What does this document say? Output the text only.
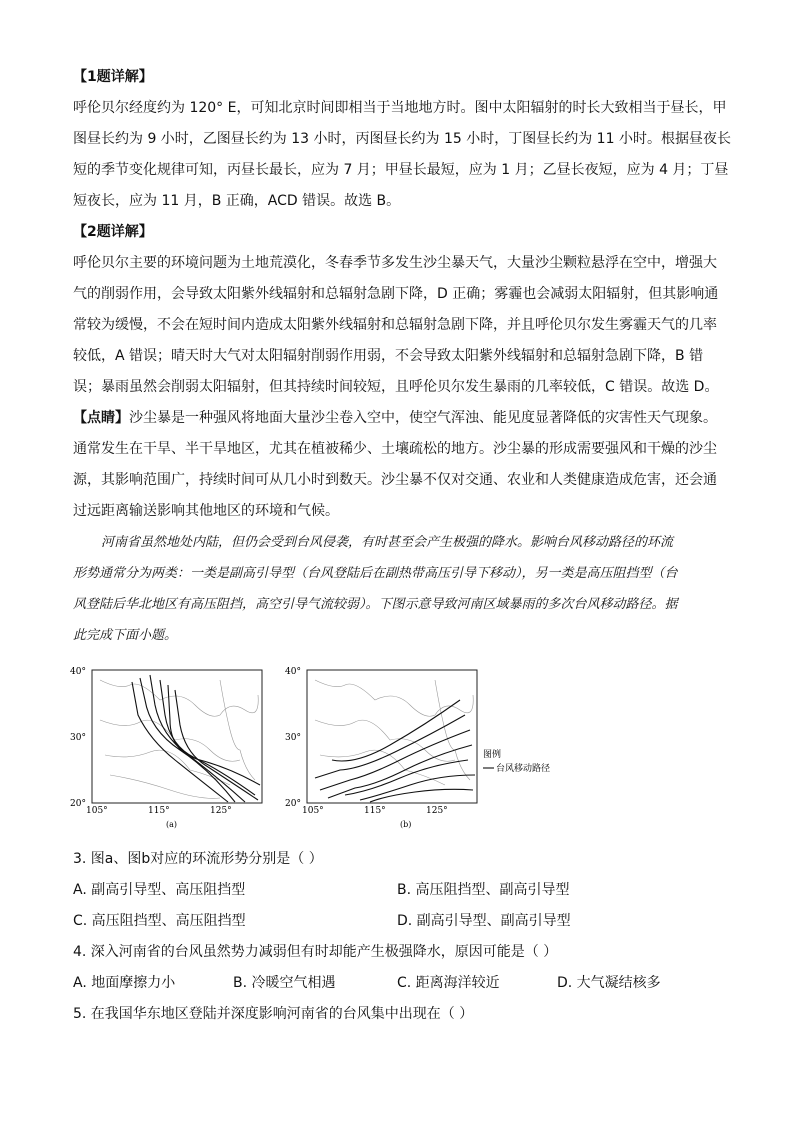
【1题详解】
呼伦贝尔经度约为 120° E，可知北京时间即相当于当地地方时。图中太阳辐射的时长大致相当于昼长，甲
图昼长约为 9 小时，乙图昼长约为 13 小时，丙图昼长约为 15 小时，丁图昼长约为 11 小时。根据昼夜长
短的季节变化规律可知，丙昼长最长，应为 7 月；甲昼长最短，应为 1 月；乙昼长夜短，应为 4 月；丁昼
短夜长，应为 11 月，B 正确，ACD 错误。故选 B。
【2题详解】
呼伦贝尔主要的环境问题为土地荒漠化，冬春季节多发生沙尘暴天气，大量沙尘颗粒悬浮在空中，增强大
气的削弱作用，会导致太阳紫外线辐射和总辐射急剧下降，D 正确；雾霾也会减弱太阳辐射，但其影响通
常较为缓慢，不会在短时间内造成太阳紫外线辐射和总辐射急剧下降，并且呼伦贝尔发生雾霾天气的几率
较低，A 错误；晴天时大气对太阳辐射削弱作用弱，不会导致太阳紫外线辐射和总辐射急剧下降，B 错
误；暴雨虽然会削弱太阳辐射，但其持续时间较短，且呼伦贝尔发生暴雨的几率较低，C 错误。故选 D。
【点睛】沙尘暴是一种强风将地面大量沙尘卷入空中，使空气浑浊、能见度显著降低的灾害性天气现象。
通常发生在干旱、半干旱地区，尤其在植被稀少、土壤疏松的地方。沙尘暴的形成需要强风和干燥的沙尘
源，其影响范围广，持续时间可从几小时到数天。沙尘暴不仅对交通、农业和人类健康造成危害，还会通
过远距离输送影响其他地区的环境和气候。
河南省虽然地处内陆，但仍会受到台风侵袭，有时甚至会产生极强的降水。影响台风移动路径的环流
形势通常分为两类：一类是副高引导型（台风登陆后在副热带高压引导下移动），另一类是高压阻挡型（台
风登陆后华北地区有高压阻挡，高空引导气流较弱）。下图示意导致河南区域暴雨的多次台风移动路径。据
此完成下面小题。
40°
30°
20°
105°	115°	125°
(a)
40°
30°
20°
105°	115°	125°
(b)
图例
台风移动路径
3. 图a、图b对应的环流形势分别是（ ）
A. 副高引导型、高压阻挡型	B. 高压阻挡型、副高引导型
C. 高压阻挡型、高压阻挡型	D. 副高引导型、副高引导型
4. 深入河南省的台风虽然势力减弱但有时却能产生极强降水，原因可能是（ ）
A. 地面摩擦力小	B. 冷暖空气相遇	C. 距离海洋较近	D. 大气凝结核多
5. 在我国华东地区登陆并深度影响河南省的台风集中出现在（ ）
